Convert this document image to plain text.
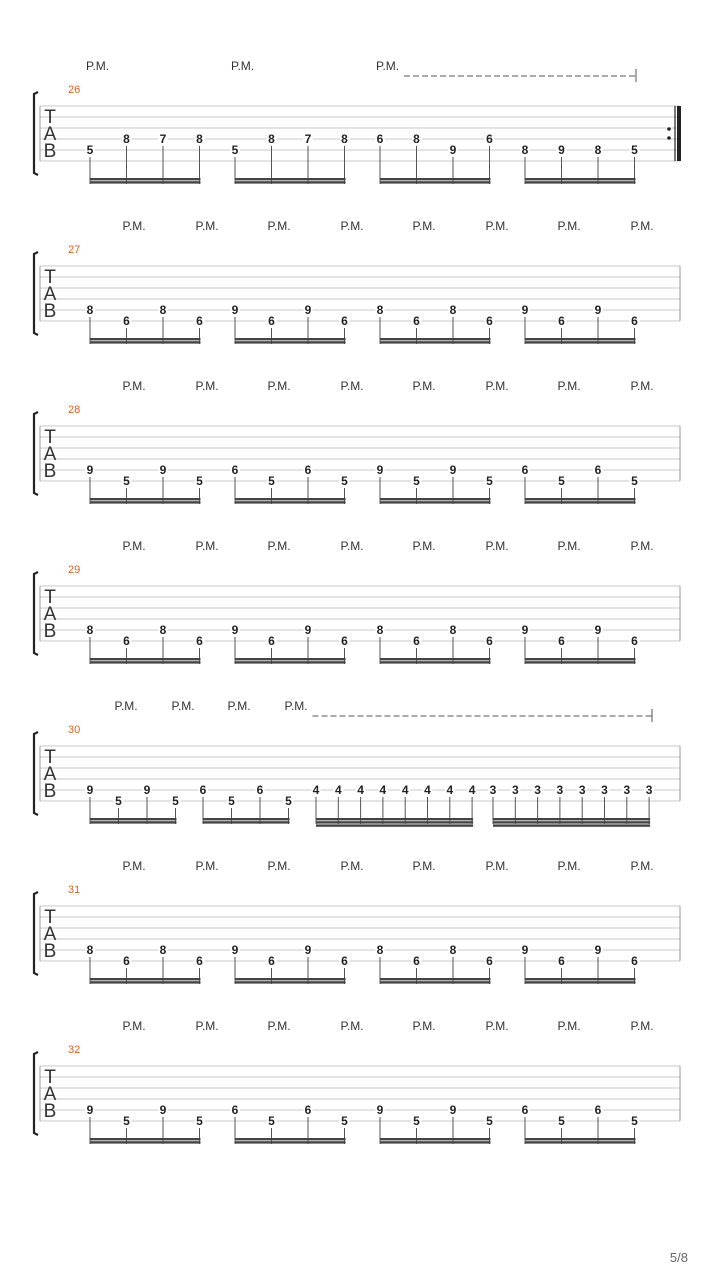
T
A
B
26
5
P.M.
8 7 8
5
P.M.
8 7 8 6
P.M.
8
9
6
8 9 8 5
T
A
B
27
8
6
P.M.
8
6
P.M.
9
6
P.M.
9
6
P.M.
8
6
P.M.
8
6
P.M.
9
6
P.M.
9
6
P.M.
T
A
B
28
9
5
P.M.
9
5
P.M.
6
5
P.M.
6
5
P.M.
9
5
P.M.
9
5
P.M.
6
5
P.M.
6
5
P.M.
T
A
B
29
8
6
P.M.
8
6
P.M.
9
6
P.M.
9
6
P.M.
8
6
P.M.
8
6
P.M.
9
6
P.M.
9
6
P.M.
T
A
B
30
9
5
P.M.
9
5
P.M.
6
5
P.M.
6
5
P.M.
4 4 4 4 4 4 4 4 3 3 3 3 3 3 3 3
T
A
B
31
8
6
P.M.
8
6
P.M.
9
6
P.M.
9
6
P.M.
8
6
P.M.
8
6
P.M.
9
6
P.M.
9
6
P.M.
T
A
B
32
9
5
P.M.
9
5
P.M.
6
5
P.M.
6
5
P.M.
9
5
P.M.
9
5
P.M.
6
5
P.M.
6
5
P.M.
5/8
